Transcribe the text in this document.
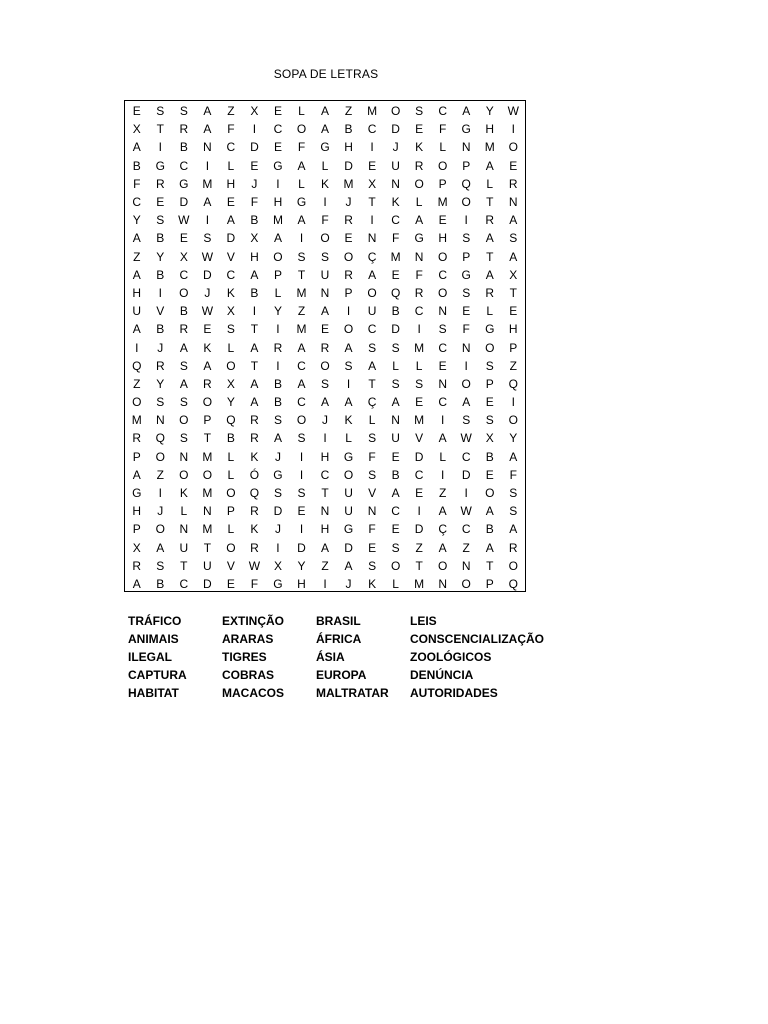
SOPA DE LETRAS
E	S	S	A	Z	X	E	L	A	Z	M	O	S	C	A	Y	W
X	T	R	A	F	I	C	O	A	B	C	D	E	F	G	H	I
A	I	B	N	C	D	E	F	G	H	I	J	K	L	N	M	O
B	G	C	I	L	E	G	A	L	D	E	U	R	O	P	A	E
F	R	G	M	H	J	I	L	K	M	X	N	O	P	Q	L	R
C	E	D	A	E	F	H	G	I	J	T	K	L	M	O	T	N
Y	S	W	I	A	B	M	A	F	R	I	C	A	E	I	R	A
A	B	E	S	D	X	A	I	O	E	N	F	G	H	S	A	S
Z	Y	X	W	V	H	O	S	S	O	Ç	M	N	O	P	T	A
A	B	C	D	C	A	P	T	U	R	A	E	F	C	G	A	X
H	I	O	J	K	B	L	M	N	P	O	Q	R	O	S	R	T
U	V	B	W	X	I	Y	Z	A	I	U	B	C	N	E	L	E
A	B	R	E	S	T	I	M	E	O	C	D	I	S	F	G	H
I	J	A	K	L	A	R	A	R	A	S	S	M	C	N	O	P
Q	R	S	A	O	T	I	C	O	S	A	L	L	E	I	S	Z
Z	Y	A	R	X	A	B	A	S	I	T	S	S	N	O	P	Q
O	S	S	O	Y	A	B	C	A	A	Ç	A	E	C	A	E	I
M	N	O	P	Q	R	S	O	J	K	L	N	M	I	S	S	O
R	Q	S	T	B	R	A	S	I	L	S	U	V	A	W	X	Y
P	O	N	M	L	K	J	I	H	G	F	E	D	L	C	B	A
A	Z	O	O	L	Ó	G	I	C	O	S	B	C	I	D	E	F
G	I	K	M	O	Q	S	S	T	U	V	A	E	Z	I	O	S
H	J	L	N	P	R	D	E	N	U	N	C	I	A	W	A	S
P	O	N	M	L	K	J	I	H	G	F	E	D	Ç	C	B	A
X	A	U	T	O	R	I	D	A	D	E	S	Z	A	Z	A	R
R	S	T	U	V	W	X	Y	Z	A	S	O	T	O	N	T	O
A	B	C	D	E	F	G	H	I	J	K	L	M	N	O	P	Q
TRÁFICO
ANIMAIS
ILEGAL
CAPTURA
HABITAT
EXTINÇÃO
ARARAS
TIGRES
COBRAS
MACACOS
BRASIL
ÁFRICA
ÁSIA
EUROPA
MALTRATAR
LEIS
CONSCENCIALIZAÇÃO
ZOOLÓGICOS
DENÚNCIA
AUTORIDADES
